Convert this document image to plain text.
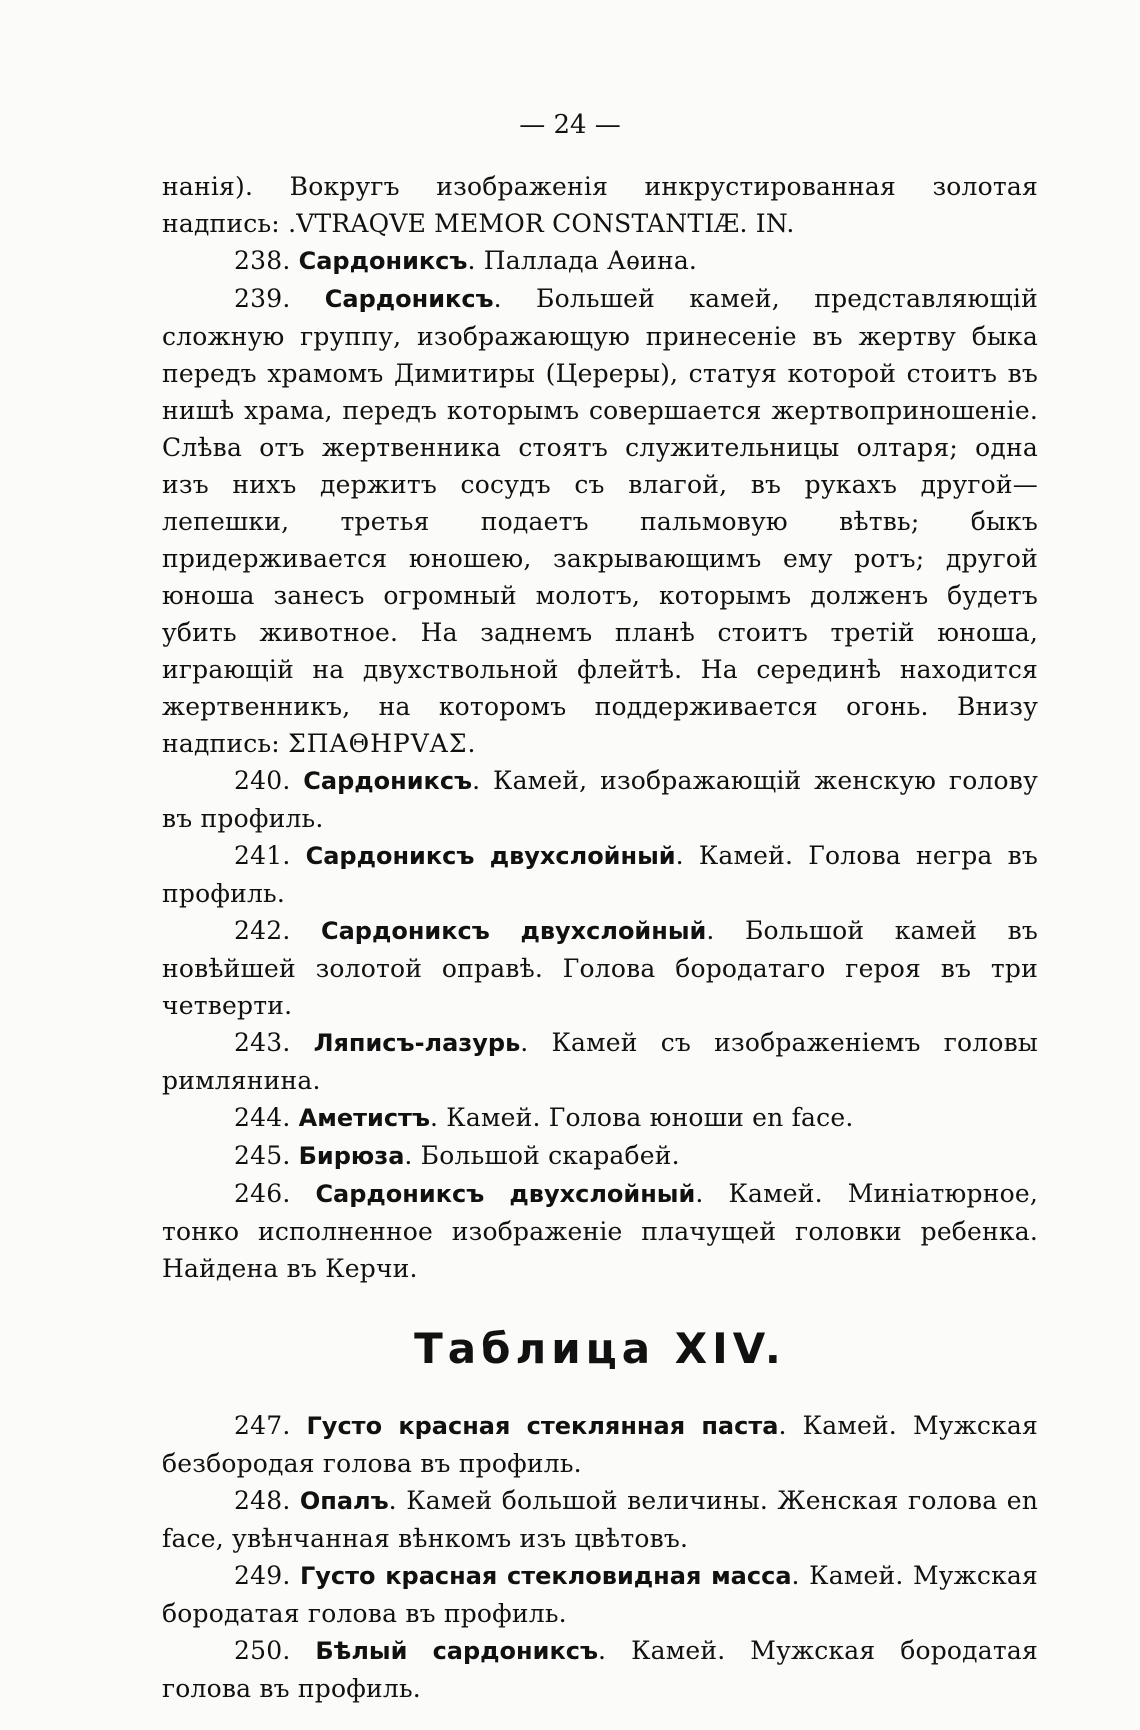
— 24 —

нанія). Вокругъ изображенія инкрустированная золотая надпись: .VTRAQVE MEMOR CONSTANTIÆ. IN.

238. Сардониксъ. Паллада Аѳина.

239. Сардониксъ. Большей камей, представляющій сложную группу, изображающую принесеніе въ жертву быка передъ храмомъ Димитиры (Цереры), статуя которой стоитъ въ нишѣ храма, передъ которымъ совершается жертвоприношеніе. Слѣва отъ жертвенника стоятъ служительницы олтаря; одна изъ нихъ держитъ сосудъ съ влагой, въ рукахъ другой—лепешки, третья подаетъ пальмовую вѣтвь; быкъ придерживается юношею, закрывающимъ ему ротъ; другой юноша занесъ огромный молотъ, которымъ долженъ будетъ убить животное. На заднемъ планѣ стоитъ третій юноша, играющій на двухствольной флейтѣ. На серединѣ находится жертвенникъ, на которомъ поддерживается огонь. Внизу надпись: ΣΠΑΘΗΡVΑΣ.

240. Сардониксъ. Камей, изображающій женскую голову въ профиль.

241. Сардониксъ двухслойный. Камей. Голова негра въ профиль.

242. Сардониксъ двухслойный. Большой камей въ новѣйшей золотой оправѣ. Голова бородатаго героя въ три четверти.

243. Ляписъ-лазурь. Камей съ изображеніемъ головы римлянина.

244. Аметистъ. Камей. Голова юноши en face.

245. Бирюза. Большой скарабей.

246. Сардониксъ двухслойный. Камей. Миніатюрное, тонко исполненное изображеніе плачущей головки ребенка. Найдена въ Керчи.

Таблица XIV.

247. Густо красная стеклянная паста. Камей. Мужская безбородая голова въ профиль.

248. Опалъ. Камей большой величины. Женская голова en face, увѣнчанная вѣнкомъ изъ цвѣтовъ.

249. Густо красная стекловидная масса. Камей. Мужская бородатая голова въ профиль.

250. Бѣлый сардониксъ. Камей. Мужская бородатая голова въ профиль.
